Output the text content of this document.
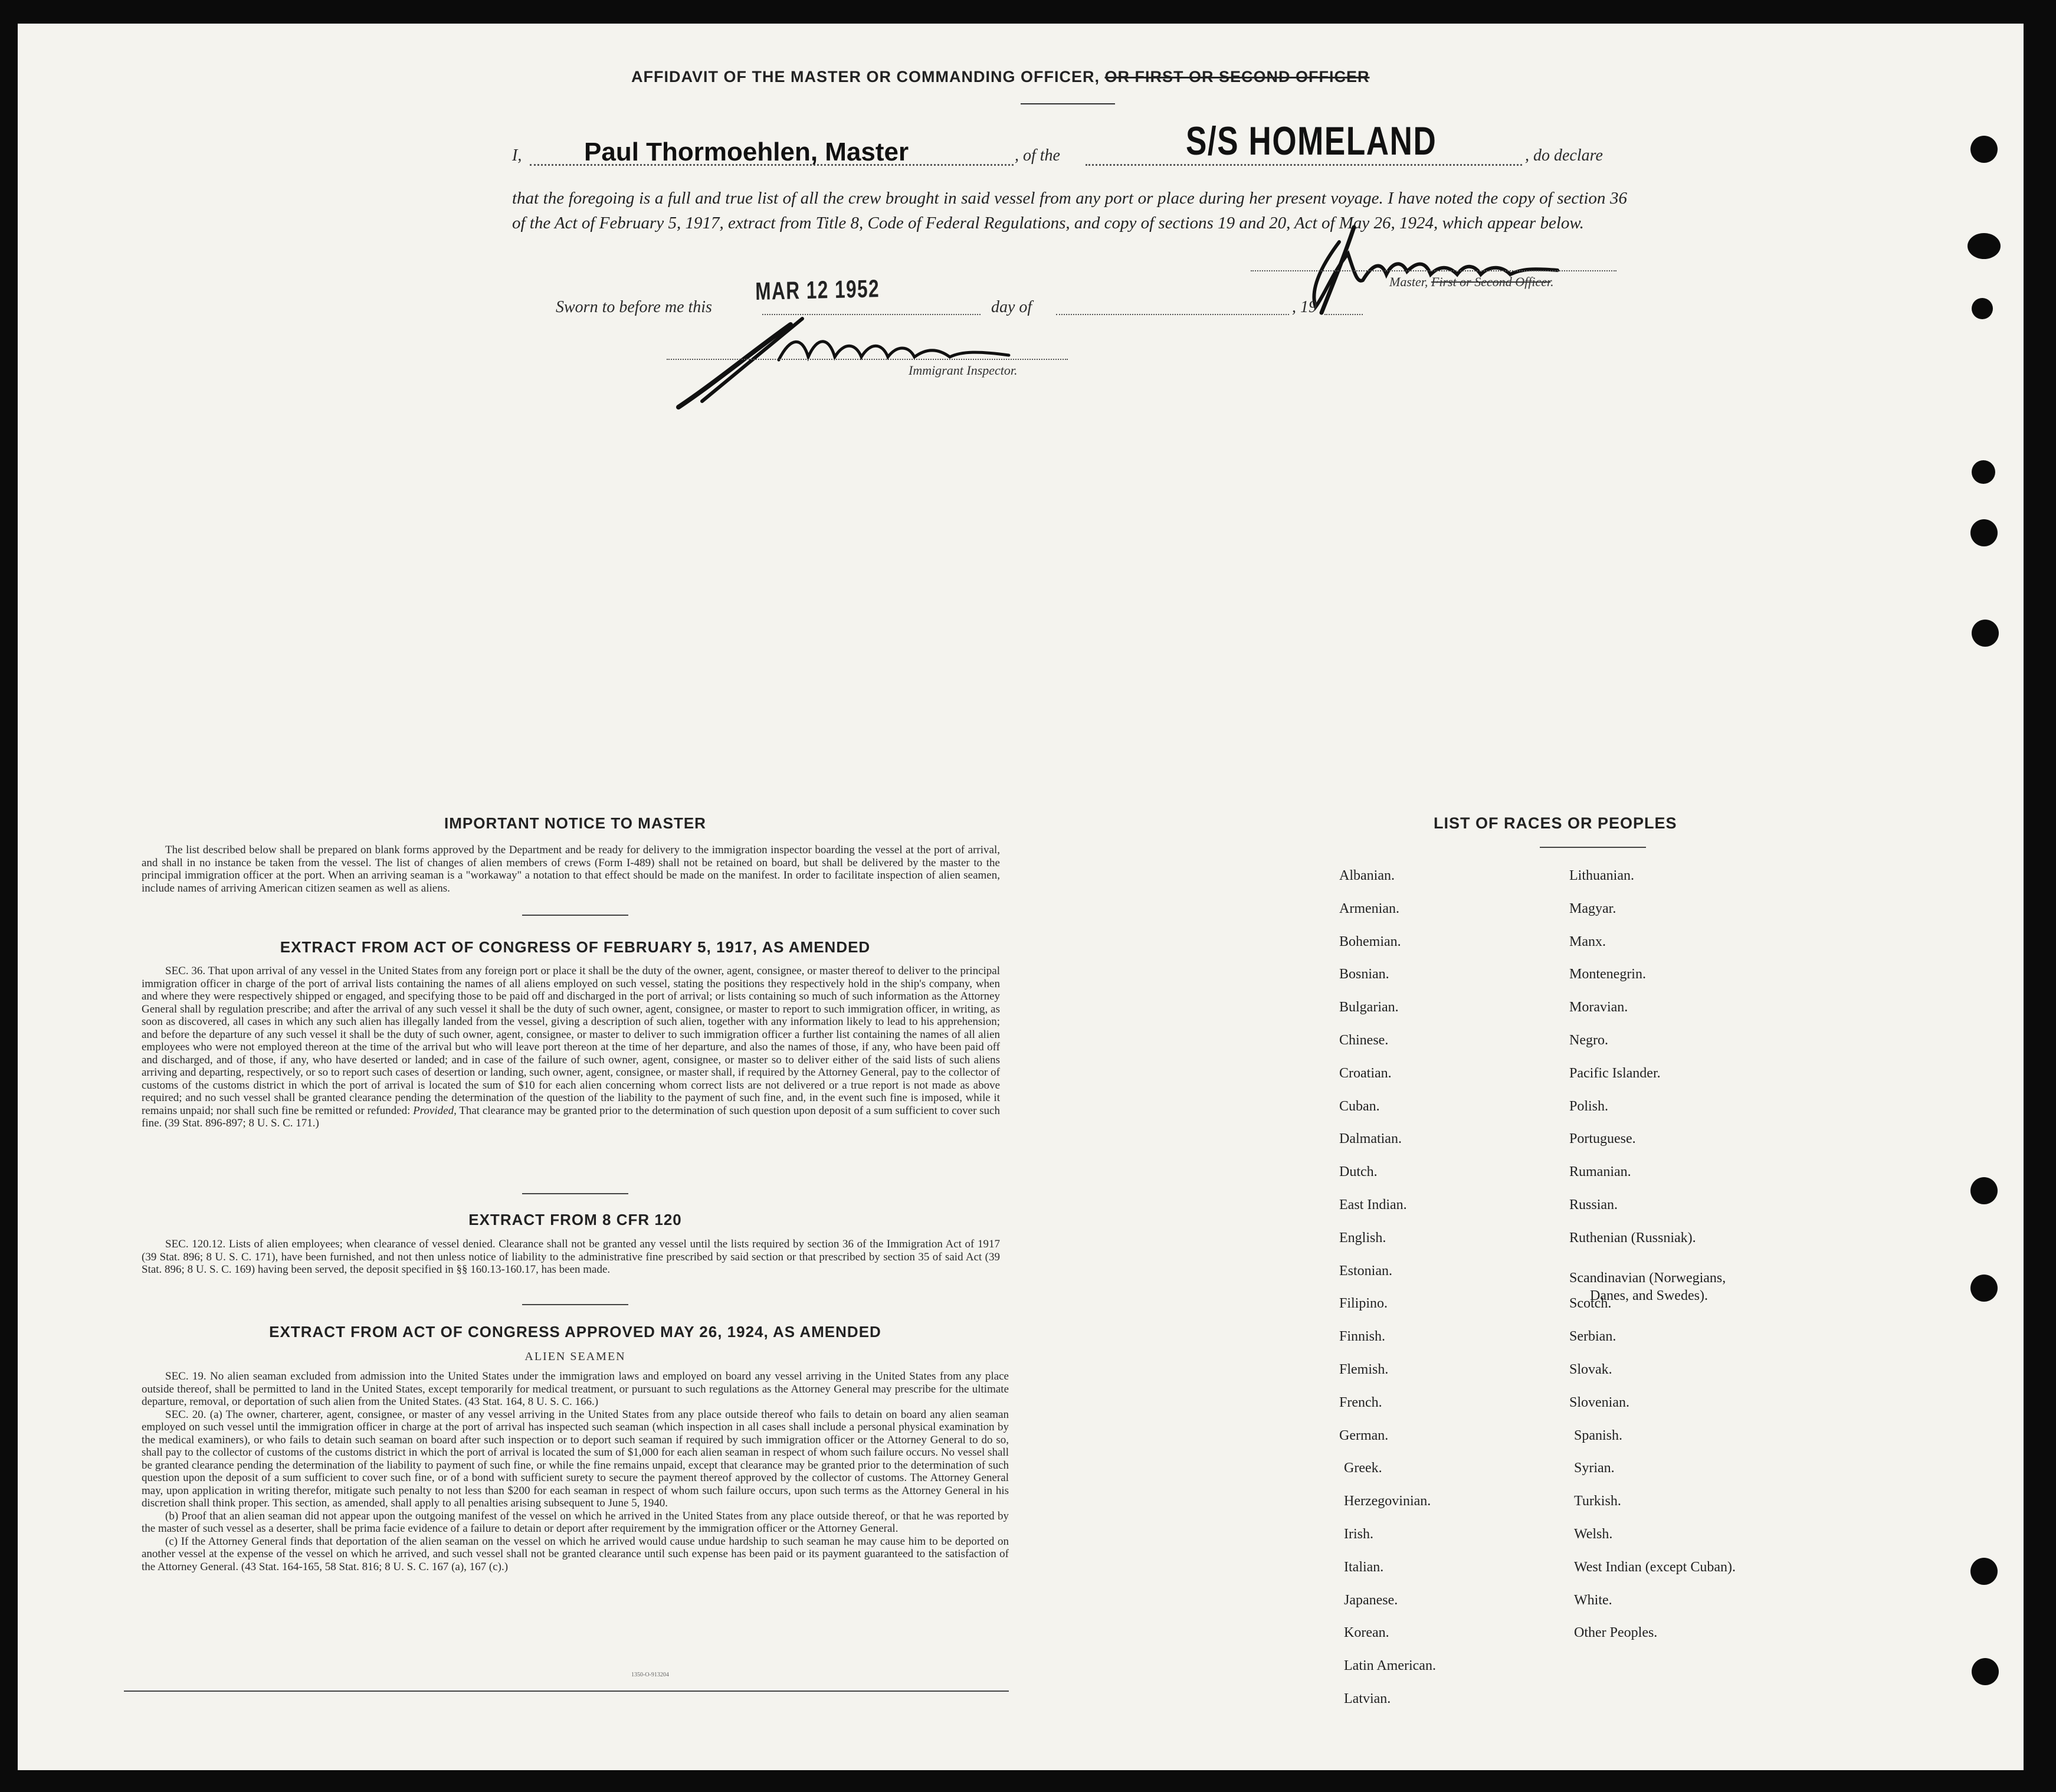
AFFIDAVIT OF THE MASTER OR COMMANDING OFFICER, OR FIRST OR SECOND OFFICER
I, Paul Thormoehlen, Master	, of the	S/S HOMELAND	, do declare
that the foregoing is a full and true list of all the crew brought in said vessel from any port or place during her present voyage. I have noted the copy of section 36 of the Act of February 5, 1917, extract from Title 8, Code of Federal Regulations, and copy of sections 19 and 20, Act of May 26, 1924, which appear below.
Master, First or Second Officer.
Sworn to before me this
MAR 12 1952
day of	, 19
Immigrant Inspector.
IMPORTANT NOTICE TO MASTER

The list described below shall be prepared on blank forms approved by the Department and be ready for delivery to the immigration inspector boarding the vessel at the port of arrival, and shall in no instance be taken from the vessel. The list of changes of alien members of crews (Form I-489) shall not be retained on board, but shall be delivered by the master to the principal immigration officer at the port. When an arriving seaman is a "workaway" a notation to that effect should be made on the manifest. In order to facilitate inspection of alien seamen, include names of arriving American citizen seamen as well as aliens.

EXTRACT FROM ACT OF CONGRESS OF FEBRUARY 5, 1917, AS AMENDED

SEC. 36. That upon arrival of any vessel in the United States from any foreign port or place it shall be the duty of the owner, agent, consignee, or master thereof to deliver to the principal immigration officer in charge of the port of arrival lists containing the names of all aliens employed on such vessel, stating the positions they respectively hold in the ship's company, when and where they were respectively shipped or engaged, and specifying those to be paid off and discharged in the port of arrival; or lists containing so much of such information as the Attorney General shall by regulation prescribe; and after the arrival of any such vessel it shall be the duty of such owner, agent, consignee, or master to report to such immigration officer, in writing, as soon as discovered, all cases in which any such alien has illegally landed from the vessel, giving a description of such alien, together with any information likely to lead to his apprehension; and before the departure of any such vessel it shall be the duty of such owner, agent, consignee, or master to deliver to such immigration officer a further list containing the names of all alien employees who were not employed thereon at the time of the arrival but who will leave port thereon at the time of her departure, and also the names of those, if any, who have been paid off and discharged, and of those, if any, who have deserted or landed; and in case of the failure of such owner, agent, consignee, or master so to deliver either of the said lists of such aliens arriving and departing, respectively, or so to report such cases of desertion or landing, such owner, agent, consignee, or master shall, if required by the Attorney General, pay to the collector of customs of the customs district in which the port of arrival is located the sum of $10 for each alien concerning whom correct lists are not delivered or a true report is not made as above required; and no such vessel shall be granted clearance pending the determination of the question of the liability to the payment of such fine, and, in the event such fine is imposed, while it remains unpaid; nor shall such fine be remitted or refunded: Provided, That clearance may be granted prior to the determination of such question upon deposit of a sum sufficient to cover such fine. (39 Stat. 896-897; 8 U. S. C. 171.)

EXTRACT FROM 8 CFR 120

SEC. 120.12. Lists of alien employees; when clearance of vessel denied. Clearance shall not be granted any vessel until the lists required by section 36 of the Immigration Act of 1917 (39 Stat. 896; 8 U. S. C. 171), have been furnished, and not then unless notice of liability to the administrative fine prescribed by said section or that prescribed by section 35 of said Act (39 Stat. 896; 8 U. S. C. 169) having been served, the deposit specified in §§ 160.13-160.17, has been made.

EXTRACT FROM ACT OF CONGRESS APPROVED MAY 26, 1924, AS AMENDED
ALIEN SEAMEN

SEC. 19. No alien seaman excluded from admission into the United States under the immigration laws and employed on board any vessel arriving in the United States from any place outside thereof, shall be permitted to land in the United States, except temporarily for medical treatment, or pursuant to such regulations as the Attorney General may prescribe for the ultimate departure, removal, or deportation of such alien from the United States. (43 Stat. 164, 8 U. S. C. 166.)

SEC. 20. (a) The owner, charterer, agent, consignee, or master of any vessel arriving in the United States from any place outside thereof who fails to detain on board any alien seaman employed on such vessel until the immigration officer in charge at the port of arrival has inspected such seaman (which inspection in all cases shall include a personal physical examination by the medical examiners), or who fails to detain such seaman on board after such inspection or to deport such seaman if required by such immigration officer or the Attorney General to do so, shall pay to the collector of customs of the customs district in which the port of arrival is located the sum of $1,000 for each alien seaman in respect of whom such failure occurs. No vessel shall be granted clearance pending the determination of the liability to payment of such fine, or while the fine remains unpaid, except that clearance may be granted prior to the determination of such question upon the deposit of a sum sufficient to cover such fine, or of a bond with sufficient surety to secure the payment thereof approved by the collector of customs. The Attorney General may, upon application in writing therefor, mitigate such penalty to not less than $200 for each seaman in respect of whom such failure occurs, upon such terms as the Attorney General in his discretion shall think proper. This section, as amended, shall apply to all penalties arising subsequent to June 5, 1940.

(b) Proof that an alien seaman did not appear upon the outgoing manifest of the vessel on which he arrived in the United States from any place outside thereof, or that he was reported by the master of such vessel as a deserter, shall be prima facie evidence of a failure to detain or deport after requirement by the immigration officer or the Attorney General.

(c) If the Attorney General finds that deportation of the alien seaman on the vessel on which he arrived would cause undue hardship to such seaman he may cause him to be deported on another vessel at the expense of the vessel on which he arrived, and such vessel shall not be granted clearance until such expense has been paid or its payment guaranteed to the satisfaction of the Attorney General. (43 Stat. 164-165, 58 Stat. 816; 8 U. S. C. 167 (a), 167 (c).)

1350-O-913204
LIST OF RACES OR PEOPLES
Albanian.
Armenian.
Bohemian.
Bosnian.
Bulgarian.
Chinese.
Croatian.
Cuban.
Dalmatian.
Dutch.
East Indian.
English.
Estonian.
Filipino.
Finnish.
Flemish.
French.
German.
Greek.
Herzegovinian.
Irish.
Italian.
Japanese.
Korean.
Latin American.
Latvian.
Lithuanian.
Magyar.
Manx.
Montenegrin.
Moravian.
Negro.
Pacific Islander.
Polish.
Portuguese.
Rumanian.
Russian.
Ruthenian (Russniak).
Scandinavian (Norwegians,
Danes, and Swedes).
Scotch.
Serbian.
Slovak.
Slovenian.
Spanish.
Syrian.
Turkish.
Welsh.
West Indian (except Cuban).
White.
Other Peoples.
